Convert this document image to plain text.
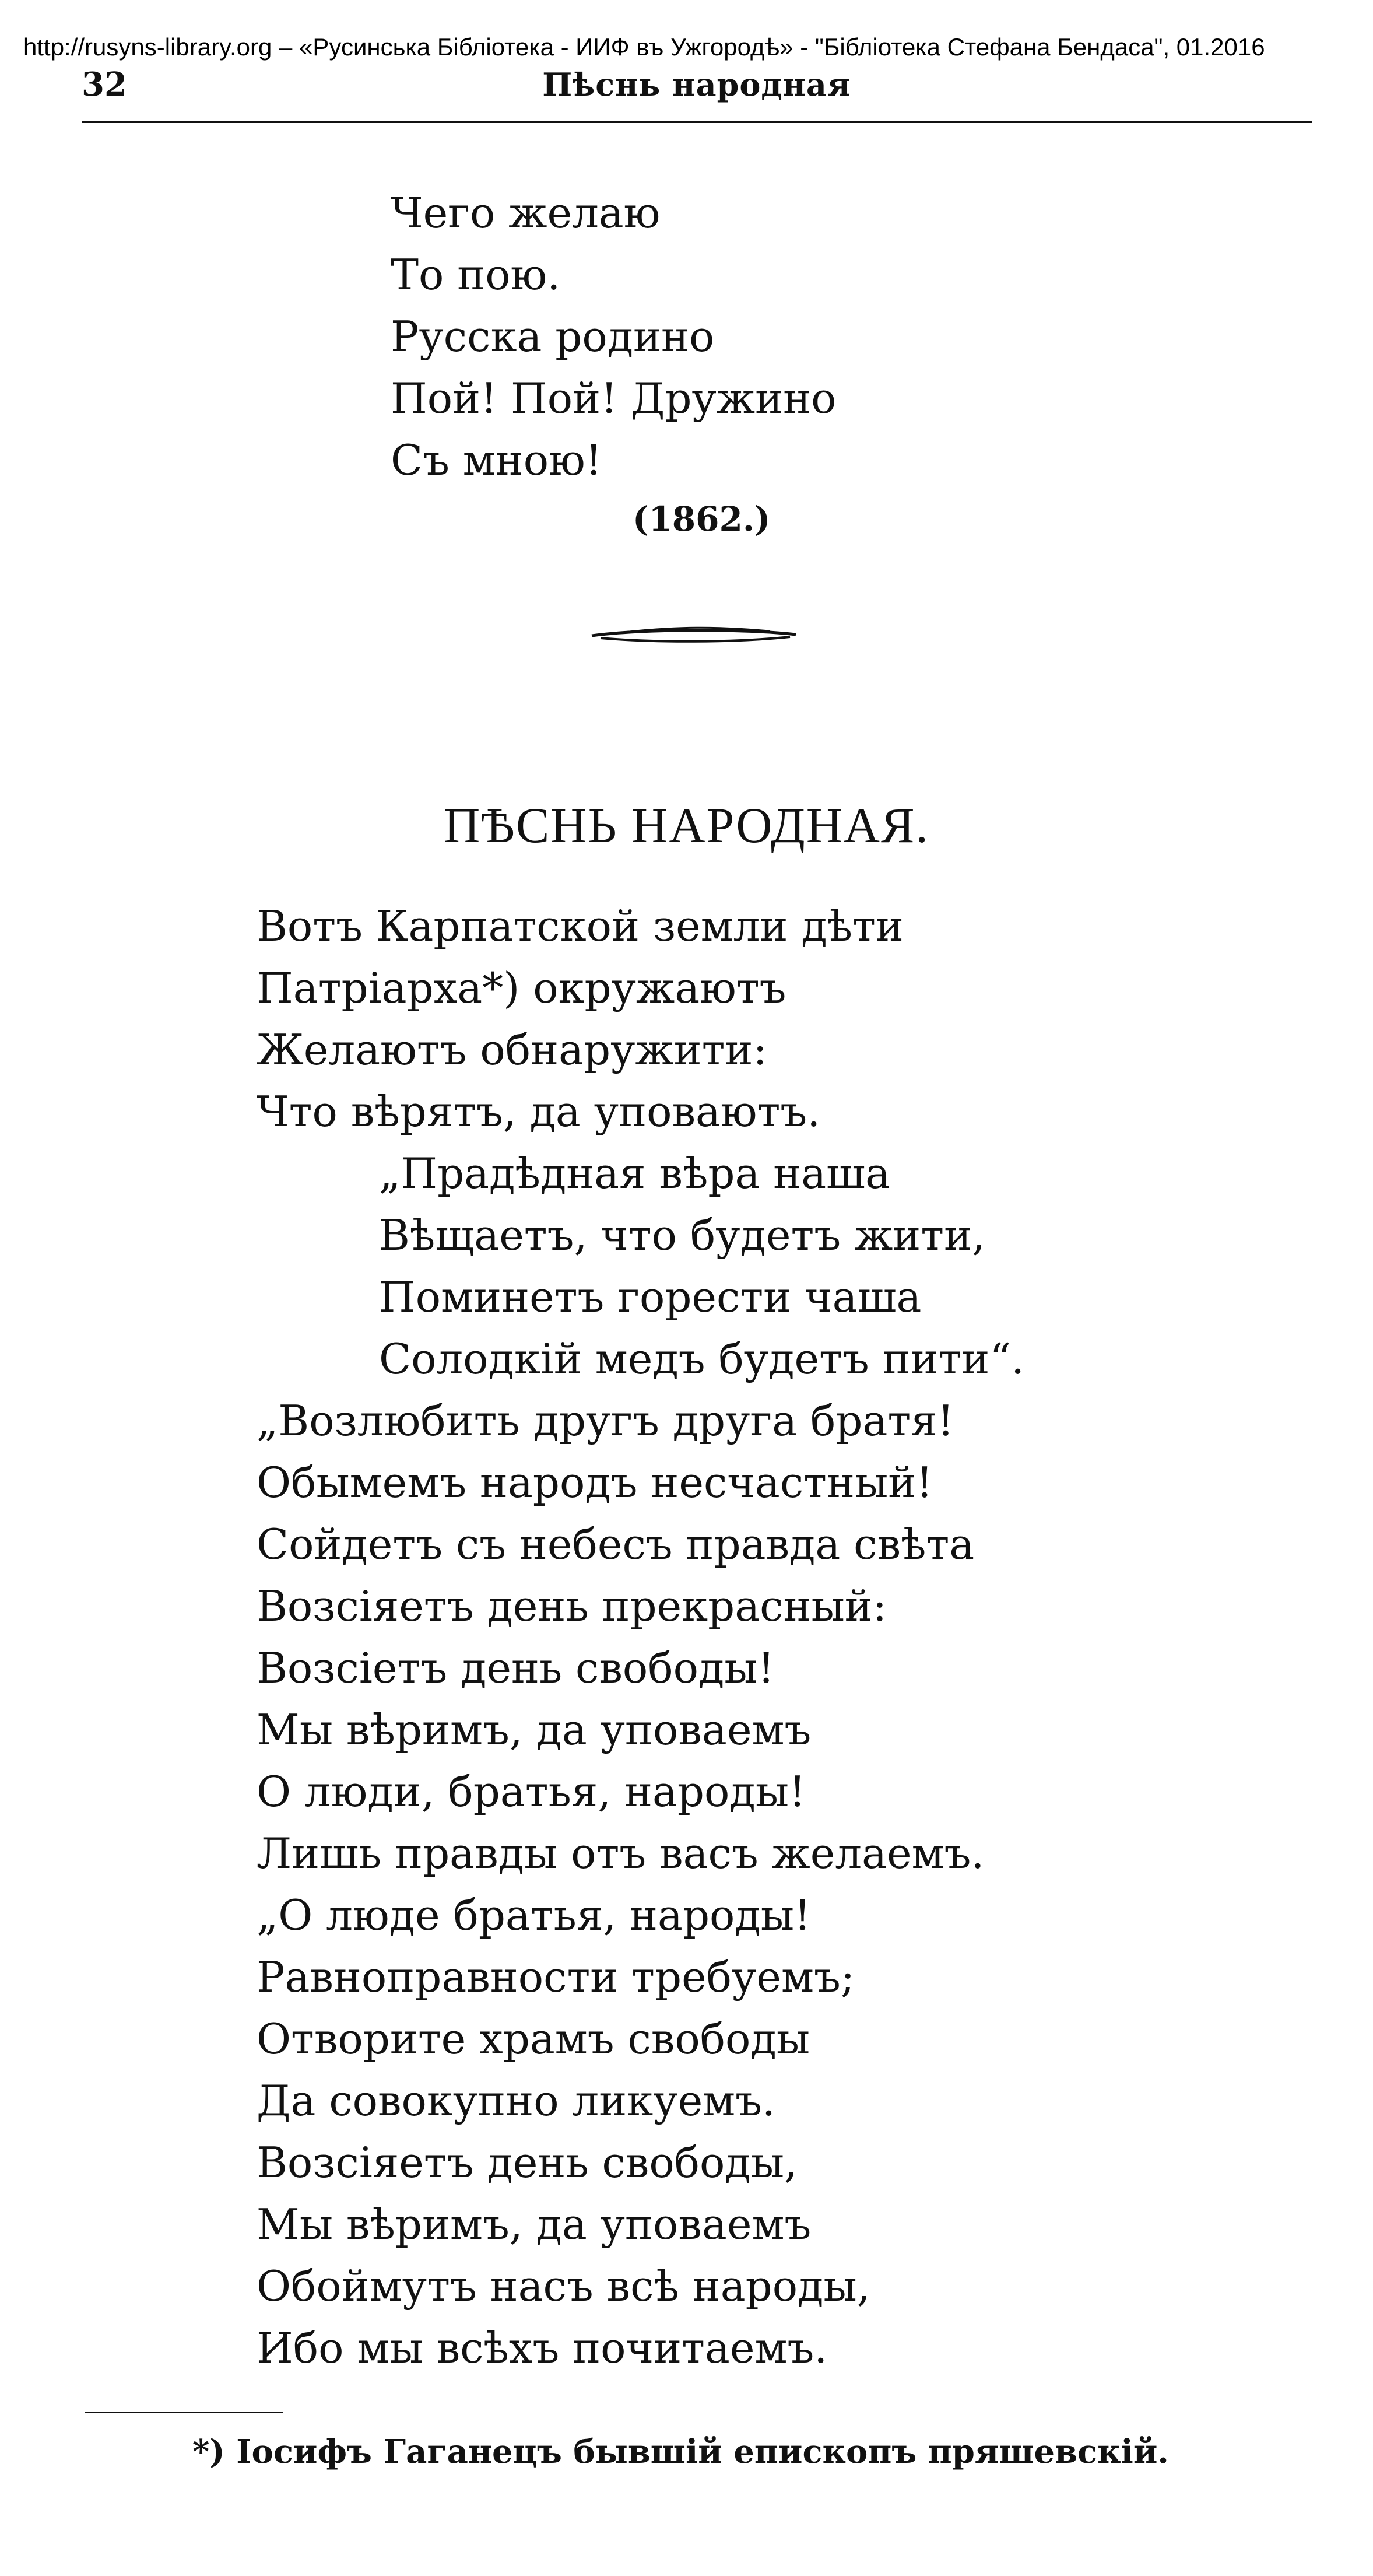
http://rusyns-library.org – «Русинська Бібліотека - ИИФ въ Ужгородѣ» - "Бібліотека Стефана Бендаса", 01.2016
32	Пѣснь народная
Чего желаю
То пою.
Русска родино
Пой! Пой! Дружино
Съ мною!
(1862.)
ПѢСНЬ НАРОДНАЯ.
Вотъ Карпатской земли дѣти
Патріарха*) окружаютъ
Желаютъ обнаружити:
Что вѣрятъ, да уповаютъ.
„Прадѣдная вѣра наша
Вѣщаетъ, что будетъ жити,
Поминетъ горести чаша
Солодкій медъ будетъ пити“.
„Возлюбить другъ друга братя!
Обымемъ народъ несчастный!
Сойдетъ съ небесъ правда свѣта
Возсіяетъ день прекрасный:
Возсіетъ день свободы!
Мы вѣримъ, да уповаемъ
О люди, братья, народы!
Лишь правды отъ васъ желаемъ.
„О люде братья, народы!
Равноправности требуемъ;
Отворите храмъ свободы
Да совокупно ликуемъ.
Возсіяетъ день свободы,
Мы вѣримъ, да уповаемъ
Обоймутъ насъ всѣ народы,
Ибо мы всѣхъ почитаемъ.
*) Іосифъ Гаганецъ бывшій епископъ пряшевскій.
